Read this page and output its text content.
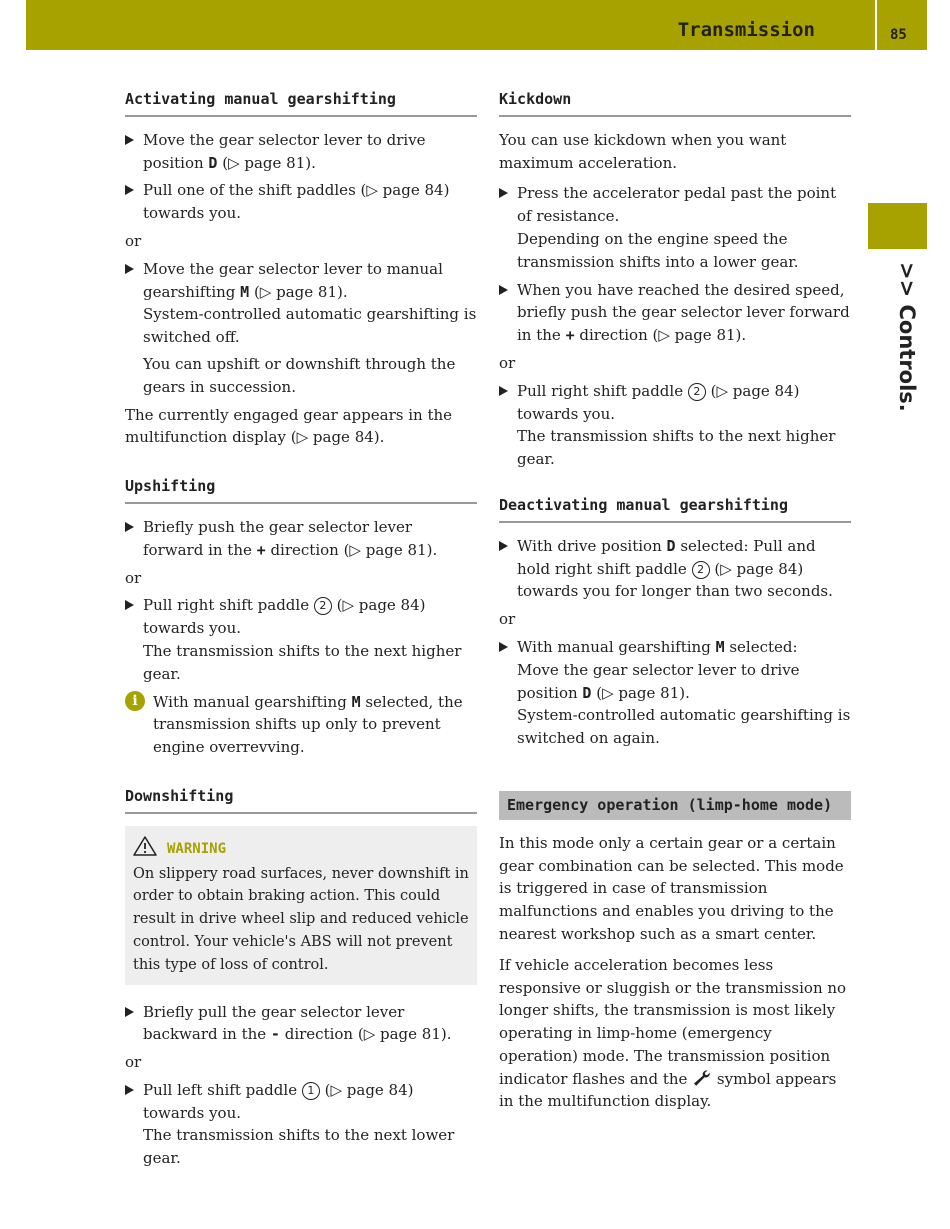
Transmission	85
>> Controls.
Activating manual gearshifting
Move the gear selector lever to drive position D (▷ page 81).
Pull one of the shift paddles (▷ page 84) towards you.
or
Move the gear selector lever to manual gearshifting M (▷ page 81).
System-controlled automatic gearshifting is switched off.
You can upshift or downshift through the gears in succession.
The currently engaged gear appears in the multifunction display (▷ page 84).
Upshifting
Briefly push the gear selector lever forward in the + direction (▷ page 81).
or
Pull right shift paddle 2 (▷ page 84) towards you.
The transmission shifts to the next higher gear.
i	With manual gearshifting M selected, the transmission shifts up only to prevent engine overrevving.
Downshifting
WARNING
On slippery road surfaces, never downshift in order to obtain braking action. This could result in drive wheel slip and reduced vehicle control. Your vehicle's ABS will not prevent this type of loss of control.
Briefly pull the gear selector lever backward in the - direction (▷ page 81).
or
Pull left shift paddle 1 (▷ page 84) towards you.
The transmission shifts to the next lower gear.
Kickdown
You can use kickdown when you want maximum acceleration.
Press the accelerator pedal past the point of resistance.
Depending on the engine speed the transmission shifts into a lower gear.
When you have reached the desired speed, briefly push the gear selector lever forward in the + direction (▷ page 81).
or
Pull right shift paddle 2 (▷ page 84) towards you.
The transmission shifts to the next higher gear.
Deactivating manual gearshifting
With drive position D selected: Pull and hold right shift paddle 2 (▷ page 84) towards you for longer than two seconds.
or
With manual gearshifting M selected:
Move the gear selector lever to drive position D (▷ page 81).
System-controlled automatic gearshifting is switched on again.
Emergency operation (limp-home mode)
In this mode only a certain gear or a certain gear combination can be selected. This mode is triggered in case of transmission malfunctions and enables you driving to the nearest workshop such as a smart center.
If vehicle acceleration becomes less responsive or sluggish or the transmission no longer shifts, the transmission is most likely operating in limp-home (emergency operation) mode. The transmission position indicator flashes and the  symbol appears in the multifunction display.
